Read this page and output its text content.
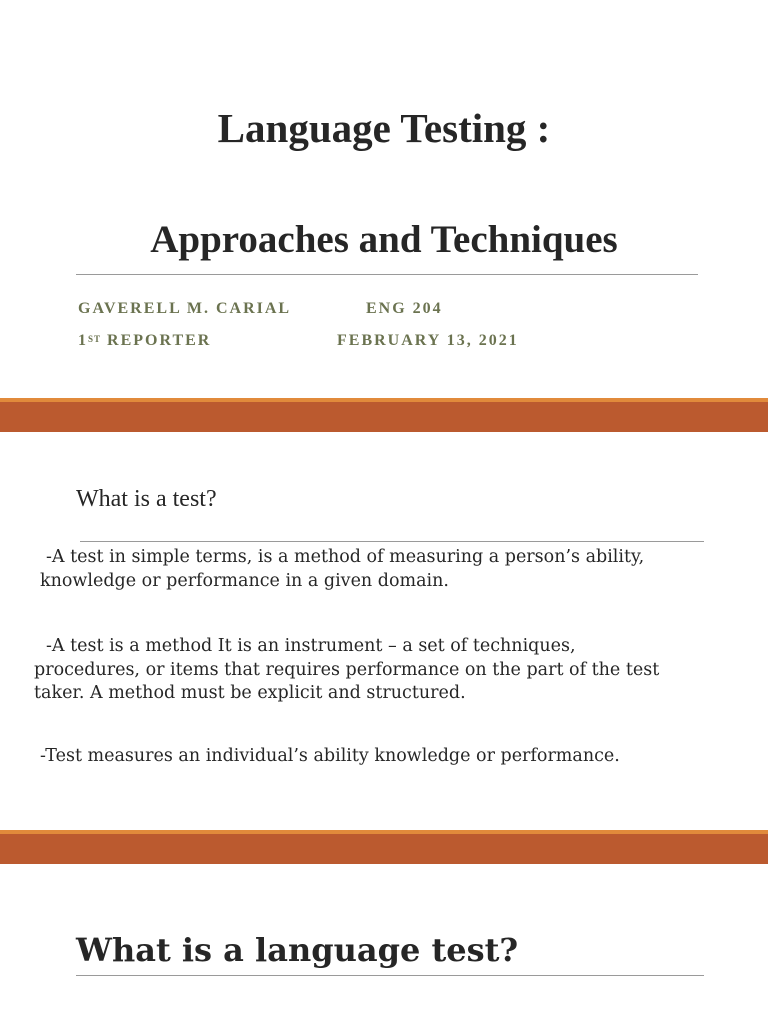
Language Testing :
Approaches and Techniques
GAVERELL M. CARIAL	ENG 204
1ST REPORTER	FEBRUARY 13, 2021
What is a test?
-A test in simple terms, is a method of measuring a person’s ability,
knowledge or performance in a given domain.
-A test is a method It is an instrument – a set of techniques,
procedures, or items that requires performance on the part of the test
taker. A method must be explicit and structured.
-Test measures an individual’s ability knowledge or performance.
What is a language test?
